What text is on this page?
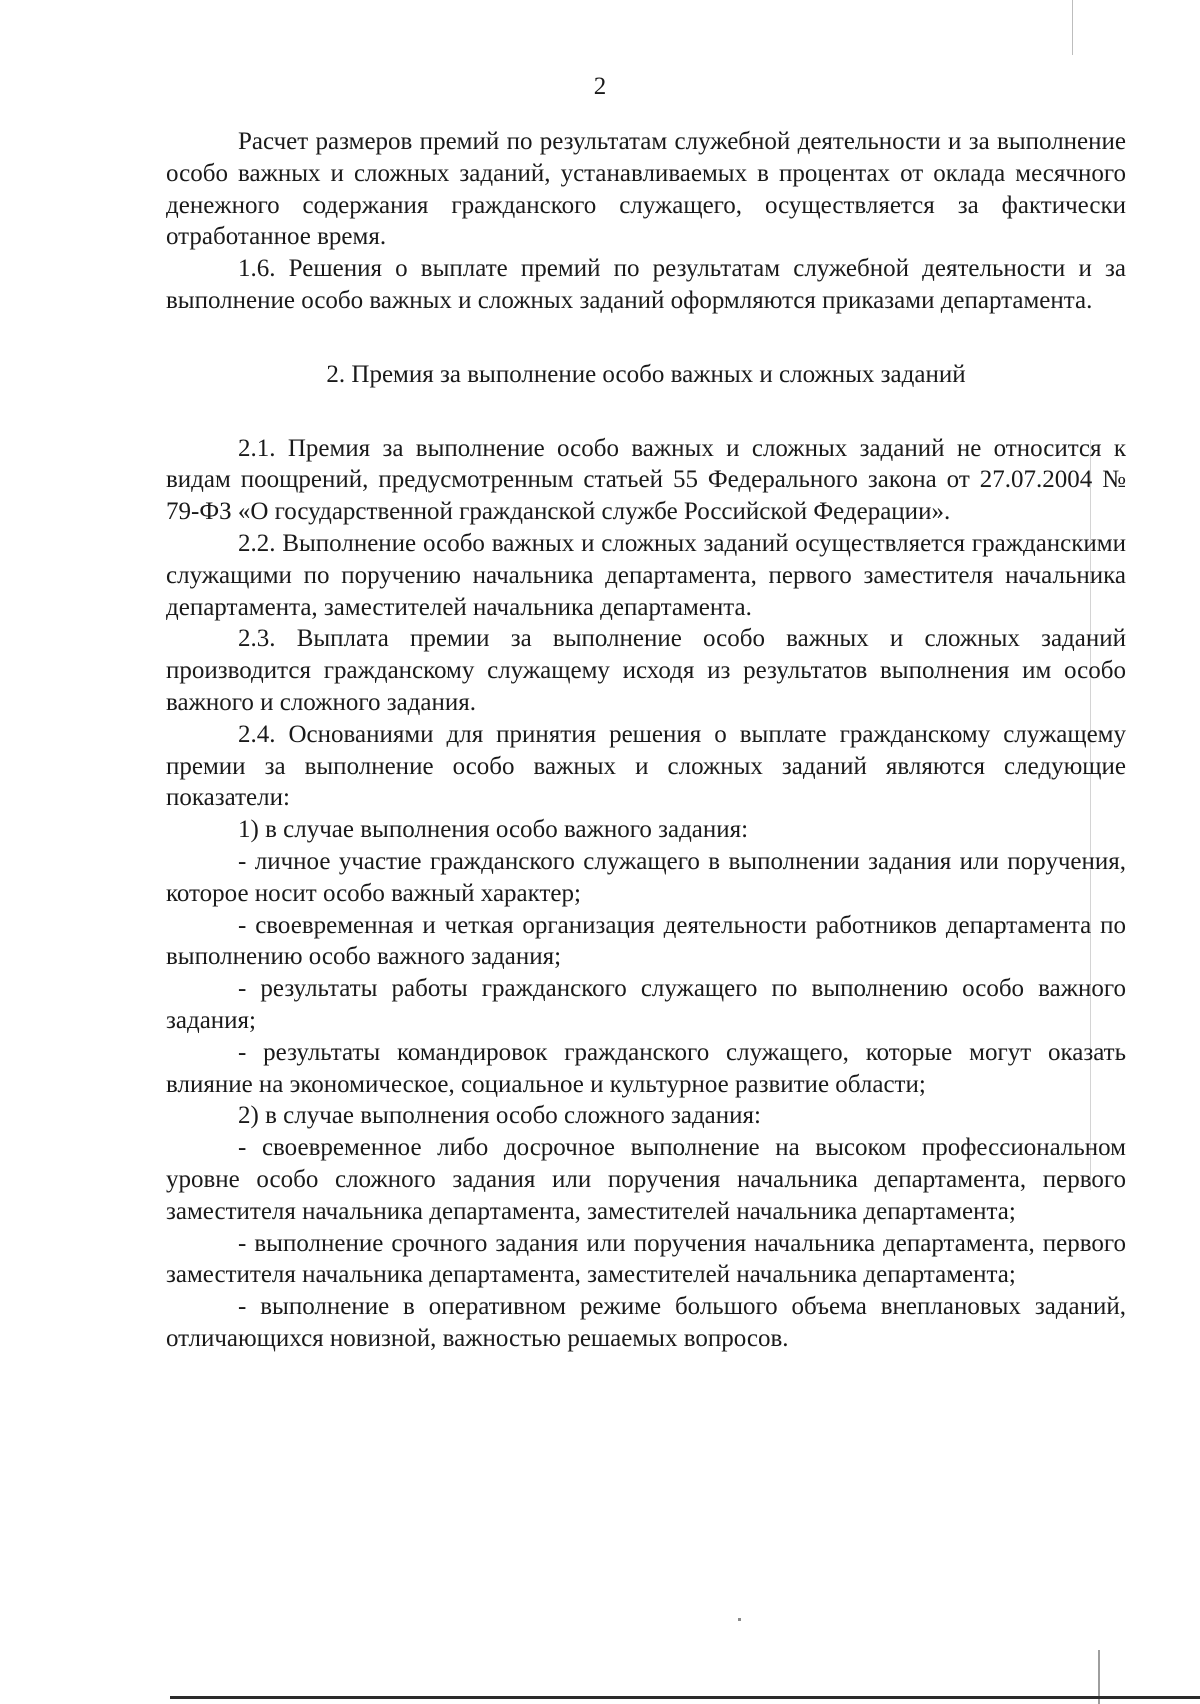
2

Расчет размеров премий по результатам служебной деятельности и за выполнение особо важных и сложных заданий, устанавливаемых в процентах от оклада месячного денежного содержания гражданского служащего, осуществляется за фактически отработанное время.

1.6. Решения о выплате премий по результатам служебной деятельности и за выполнение особо важных и сложных заданий оформляются приказами департамента.

2. Премия за выполнение особо важных и сложных заданий

2.1. Премия за выполнение особо важных и сложных заданий не относится к видам поощрений, предусмотренным статьей 55 Федерального закона от 27.07.2004 № 79-ФЗ «О государственной гражданской службе Российской Федерации».

2.2. Выполнение особо важных и сложных заданий осуществляется гражданскими служащими по поручению начальника департамента, первого заместителя начальника департамента, заместителей начальника департамента.

2.3. Выплата премии за выполнение особо важных и сложных заданий производится гражданскому служащему исходя из результатов выполнения им особо важного и сложного задания.

2.4. Основаниями для принятия решения о выплате гражданскому служащему премии за выполнение особо важных и сложных заданий являются следующие показатели:

1) в случае выполнения особо важного задания:

- личное участие гражданского служащего в выполнении задания или поручения, которое носит особо важный характер;

- своевременная и четкая организация деятельности работников департамента по выполнению особо важного задания;

- результаты работы гражданского служащего по выполнению особо важного задания;

- результаты командировок гражданского служащего, которые могут оказать влияние на экономическое, социальное и культурное развитие области;

2) в случае выполнения особо сложного задания:

- своевременное либо досрочное выполнение на высоком профессиональном уровне особо сложного задания или поручения начальника департамента, первого заместителя начальника департамента, заместителей начальника департамента;

- выполнение срочного задания или поручения начальника департамента, первого заместителя начальника департамента, заместителей начальника департамента;

- выполнение в оперативном режиме большого объема внеплановых заданий, отличающихся новизной, важностью решаемых вопросов.
